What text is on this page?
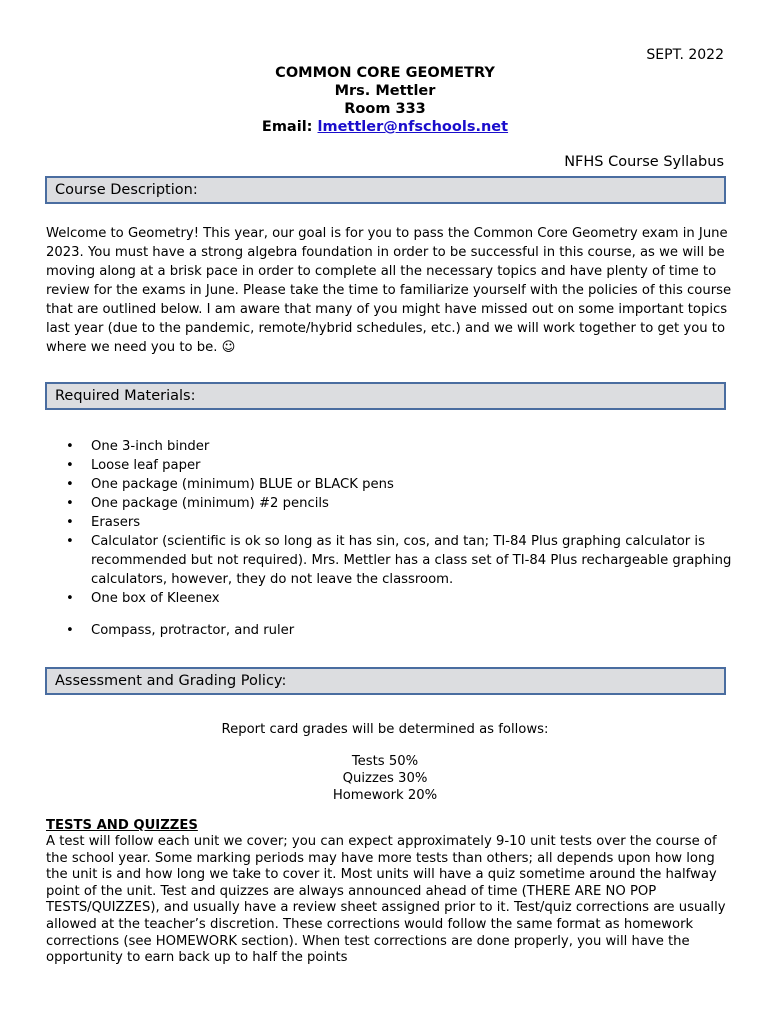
SEPT. 2022
COMMON CORE GEOMETRY
Mrs. Mettler
Room 333
Email: lmettler@nfschools.net
NFHS Course Syllabus
Course Description:
Welcome to Geometry! This year, our goal is for you to pass the Common Core Geometry exam in June 2023. You must have a strong algebra foundation in order to be successful in this course, as we will be moving along at a brisk pace in order to complete all the necessary topics and have plenty of time to review for the exams in June. Please take the time to familiarize yourself with the policies of this course that are outlined below. I am aware that many of you might have missed out on some important topics last year (due to the pandemic, remote/hybrid schedules, etc.) and we will work together to get you to where we need you to be. ☺
Required Materials:
• One 3-inch binder
• Loose leaf paper
• One package (minimum) BLUE or BLACK pens
• One package (minimum) #2 pencils
• Erasers
• Calculator (scientific is ok so long as it has sin, cos, and tan; TI-84 Plus graphing calculator is recommended but not required). Mrs. Mettler has a class set of TI-84 Plus rechargeable graphing calculators, however, they do not leave the classroom.
• One box of Kleenex
• Compass, protractor, and ruler
Assessment and Grading Policy:
Report card grades will be determined as follows:
Tests 50%
Quizzes 30%
Homework 20%
TESTS AND QUIZZES
A test will follow each unit we cover; you can expect approximately 9-10 unit tests over the course of the school year. Some marking periods may have more tests than others; all depends upon how long the unit is and how long we take to cover it. Most units will have a quiz sometime around the halfway point of the unit. Test and quizzes are always announced ahead of time (THERE ARE NO POP TESTS/QUIZZES), and usually have a review sheet assigned prior to it. Test/quiz corrections are usually allowed at the teacher’s discretion. These corrections would follow the same format as homework corrections (see HOMEWORK section). When test corrections are done properly, you will have the opportunity to earn back up to half the points
